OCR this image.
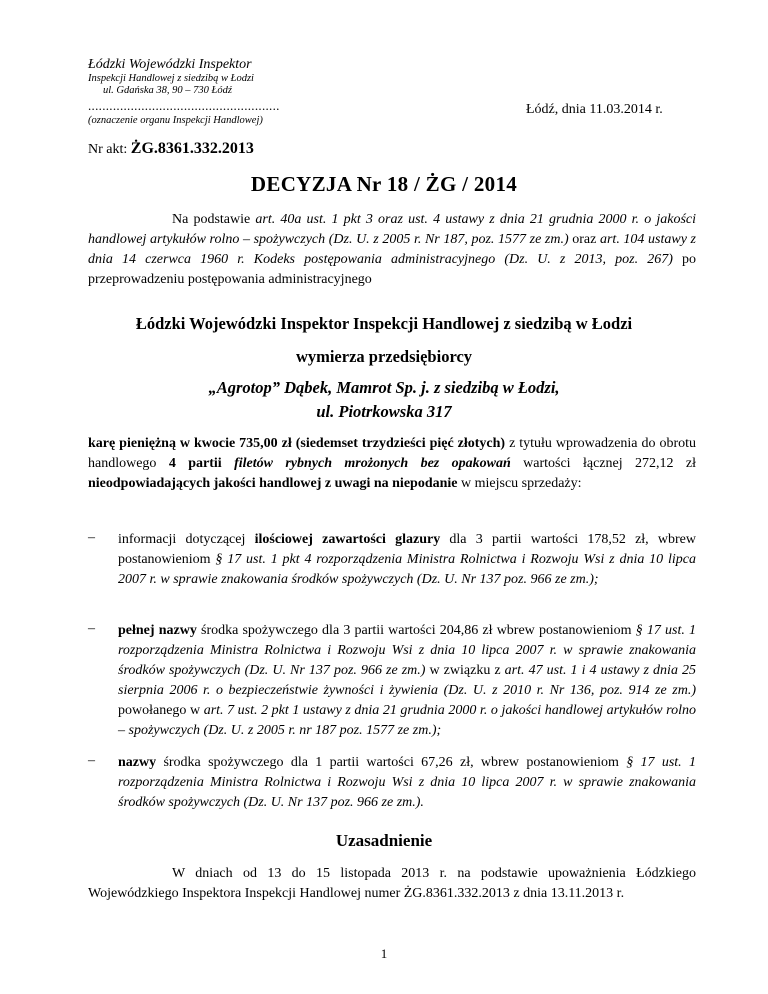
Łódzki Wojewódzki Inspektor
Inspekcji Handlowej z siedzibą w Łodzi
ul. Gdańska 38, 90 – 730 Łódź
......................................................
(oznaczenie organu Inspekcji Handlowej)
Łódź, dnia 11.03.2014 r.
Nr akt: ŻG.8361.332.2013
DECYZJA Nr 18 / ŻG / 2014
Na podstawie art. 40a ust. 1 pkt 3 oraz ust. 4 ustawy z dnia 21 grudnia 2000 r. o jakości handlowej artykułów rolno – spożywczych (Dz. U. z 2005 r. Nr 187, poz. 1577 ze zm.) oraz art. 104 ustawy z dnia 14 czerwca 1960 r. Kodeks postępowania administracyjnego (Dz. U. z 2013, poz. 267) po przeprowadzeniu postępowania administracyjnego
Łódzki Wojewódzki Inspektor Inspekcji Handlowej z siedzibą w Łodzi
wymierza przedsiębiorcy
„Agrotop” Dąbek, Mamrot Sp. j. z siedzibą w Łodzi,
ul. Piotrkowska 317
karę pieniężną w kwocie 735,00 zł (siedemset trzydzieści pięć złotych) z tytułu wprowadzenia do obrotu handlowego 4 partii filetów rybnych mrożonych bez opakowań wartości łącznej 272,12 zł nieodpowiadających jakości handlowej z uwagi na niepodanie w miejscu sprzedaży:
– informacji dotyczącej ilościowej zawartości glazury dla 3 partii wartości 178,52 zł, wbrew postanowieniom § 17 ust. 1 pkt 4 rozporządzenia Ministra Rolnictwa i Rozwoju Wsi z dnia 10 lipca 2007 r. w sprawie znakowania środków spożywczych (Dz. U. Nr 137 poz. 966 ze zm.);
– pełnej nazwy środka spożywczego dla 3 partii wartości 204,86 zł wbrew postanowieniom § 17 ust. 1 rozporządzenia Ministra Rolnictwa i Rozwoju Wsi z dnia 10 lipca 2007 r. w sprawie znakowania środków spożywczych (Dz. U. Nr 137 poz. 966 ze zm.) w związku z art. 47 ust. 1 i 4 ustawy z dnia 25 sierpnia 2006 r. o bezpieczeństwie żywności i żywienia (Dz. U. z 2010 r. Nr 136, poz. 914 ze zm.) powołanego w art. 7 ust. 2 pkt 1 ustawy z dnia 21 grudnia 2000 r. o jakości handlowej artykułów rolno – spożywczych (Dz. U. z 2005 r. nr 187 poz. 1577 ze zm.);
– nazwy środka spożywczego dla 1 partii wartości 67,26 zł, wbrew postanowieniom § 17 ust. 1 rozporządzenia Ministra Rolnictwa i Rozwoju Wsi z dnia 10 lipca 2007 r. w sprawie znakowania środków spożywczych (Dz. U. Nr 137 poz. 966 ze zm.).
Uzasadnienie
W dniach od 13 do 15 listopada 2013 r. na podstawie upoważnienia Łódzkiego Wojewódzkiego Inspektora Inspekcji Handlowej numer ŻG.8361.332.2013 z dnia 13.11.2013 r.
1
